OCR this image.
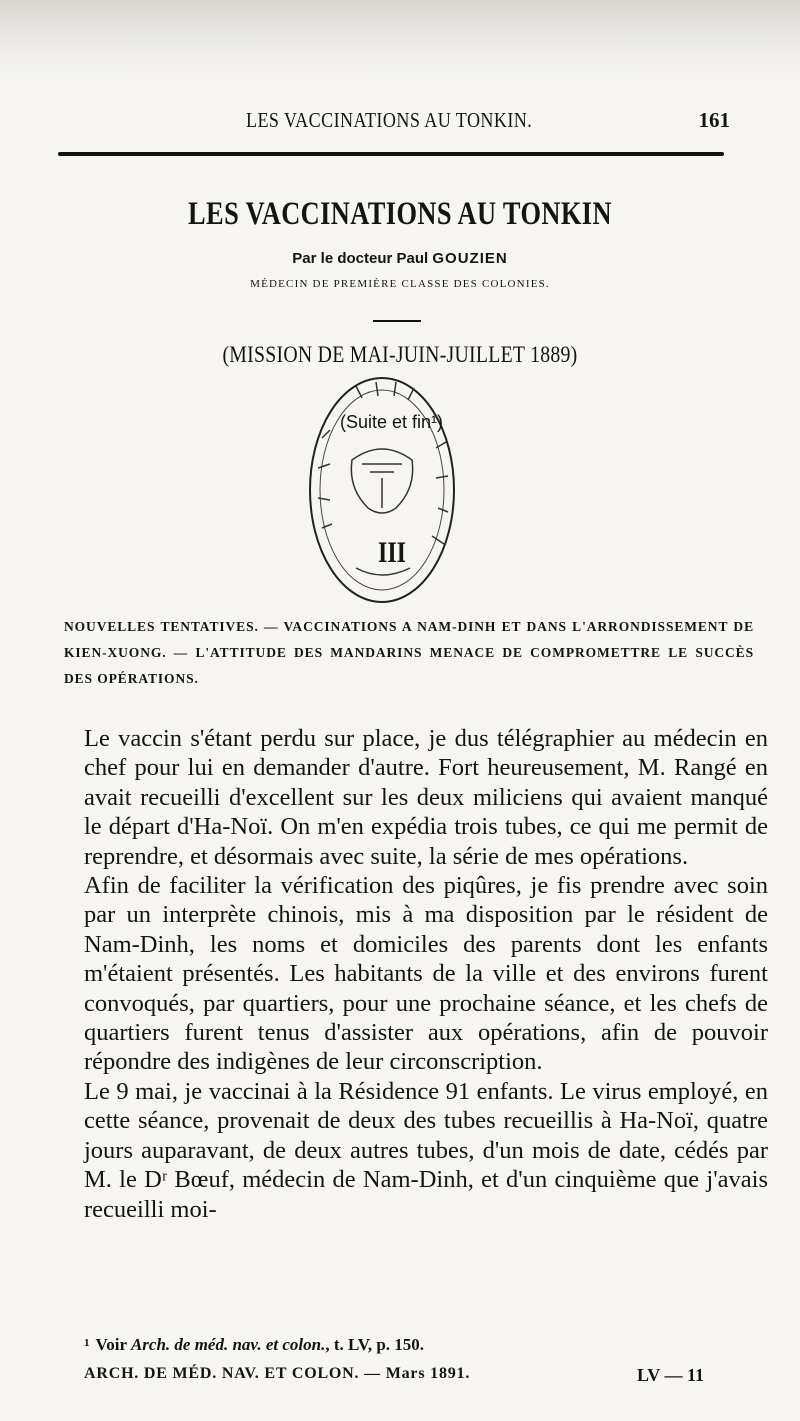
LES VACCINATIONS AU TONKIN.	161
LES VACCINATIONS AU TONKIN
Par le docteur Paul GOUZIEN
MÉDECIN DE PREMIÈRE CLASSE DES COLONIES.
(MISSION DE MAI-JUIN-JUILLET 1889)
(Suite et fin¹)
III
NOUVELLES TENTATIVES. — VACCINATIONS A NAM-DINH ET DANS L'ARRONDISSEMENT DE KIEN-XUONG. — L'ATTITUDE DES MANDARINS MENACE DE COMPROMETTRE LE SUCCÈS DES OPÉRATIONS.

Le vaccin s'étant perdu sur place, je dus télégraphier au médecin en chef pour lui en demander d'autre. Fort heureusement, M. Rangé en avait recueilli d'excellent sur les deux miliciens qui avaient manqué le départ d'Ha-Noï. On m'en expédia trois tubes, ce qui me permit de reprendre, et désormais avec suite, la série de mes opérations.

Afin de faciliter la vérification des piqûres, je fis prendre avec soin par un interprète chinois, mis à ma disposition par le résident de Nam-Dinh, les noms et domiciles des parents dont les enfants m'étaient présentés. Les habitants de la ville et des environs furent convoqués, par quartiers, pour une prochaine séance, et les chefs de quartiers furent tenus d'assister aux opérations, afin de pouvoir répondre des indigènes de leur circonscription.

Le 9 mai, je vaccinai à la Résidence 91 enfants. Le virus employé, en cette séance, provenait de deux des tubes recueillis à Ha-Noï, quatre jours auparavant, de deux autres tubes, d'un mois de date, cédés par M. le Dʳ Bœuf, médecin de Nam-Dinh, et d'un cinquième que j'avais recueilli moi-

$^1$ Voir Arch. de méd. nav. et colon., t. LV, p. 150.
ARCH. DE MÉD. NAV. ET COLON. — Mars 1891.	LV — 11
